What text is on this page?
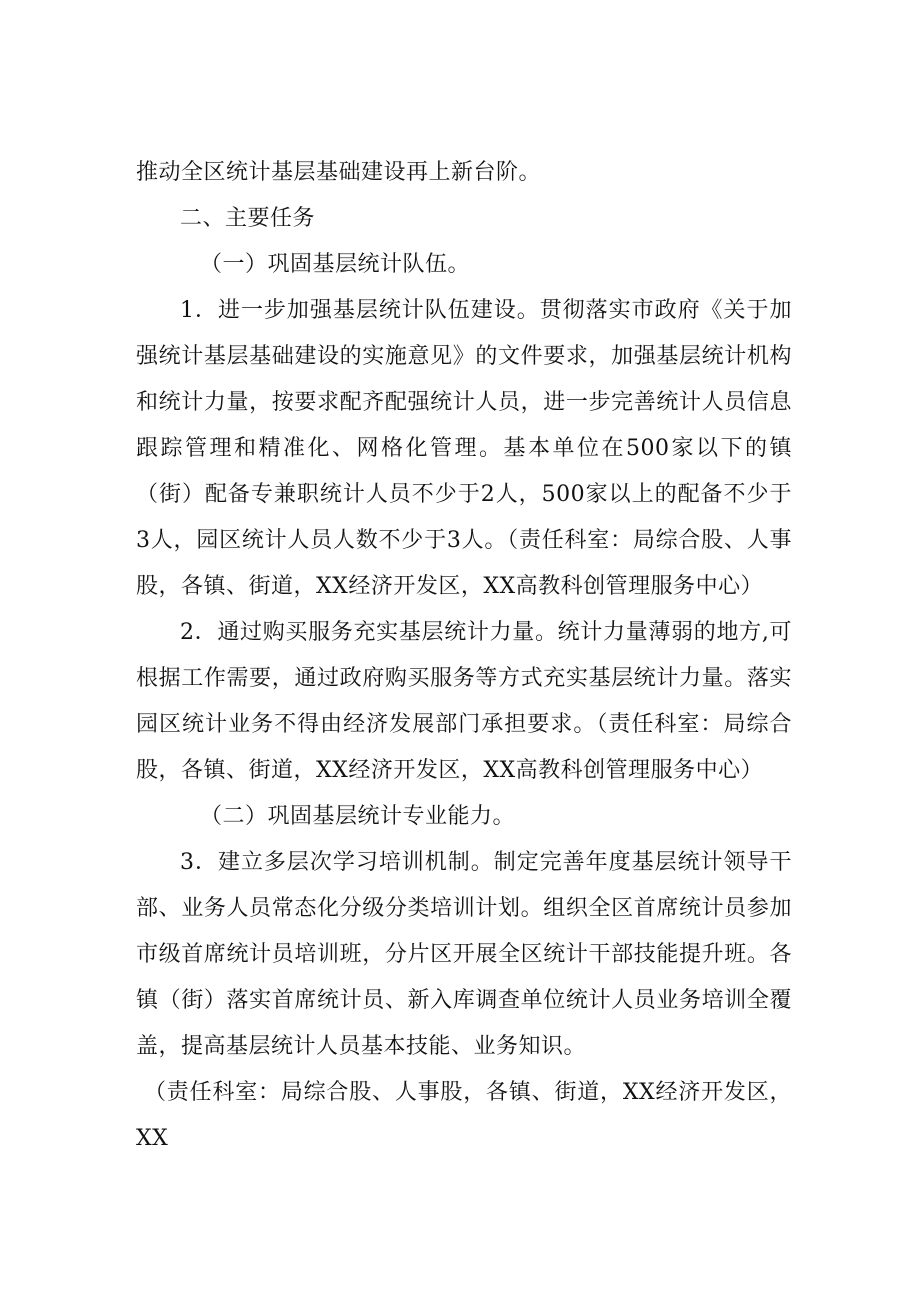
推动全区统计基层基础建设再上新台阶。

二、主要任务

（一）巩固基层统计队伍。

1．进一步加强基层统计队伍建设。贯彻落实市政府《关于加强统计基层基础建设的实施意见》的文件要求，加强基层统计机构和统计力量，按要求配齐配强统计人员，进一步完善统计人员信息跟踪管理和精准化、网格化管理。基本单位在500家以下的镇（街）配备专兼职统计人员不少于2人，500家以上的配备不少于3人，园区统计人员人数不少于3人。（责任科室：局综合股、人事股，各镇、街道，XX经济开发区，XX高教科创管理服务中心）

2．通过购买服务充实基层统计力量。统计力量薄弱的地方,可根据工作需要，通过政府购买服务等方式充实基层统计力量。落实园区统计业务不得由经济发展部门承担要求。（责任科室：局综合股，各镇、街道，XX经济开发区，XX高教科创管理服务中心）

（二）巩固基层统计专业能力。

3．建立多层次学习培训机制。制定完善年度基层统计领导干部、业务人员常态化分级分类培训计划。组织全区首席统计员参加市级首席统计员培训班，分片区开展全区统计干部技能提升班。各镇（街）落实首席统计员、新入库调查单位统计人员业务培训全覆盖，提高基层统计人员基本技能、业务知识。

（责任科室：局综合股、人事股，各镇、街道，XX经济开发区，XX
